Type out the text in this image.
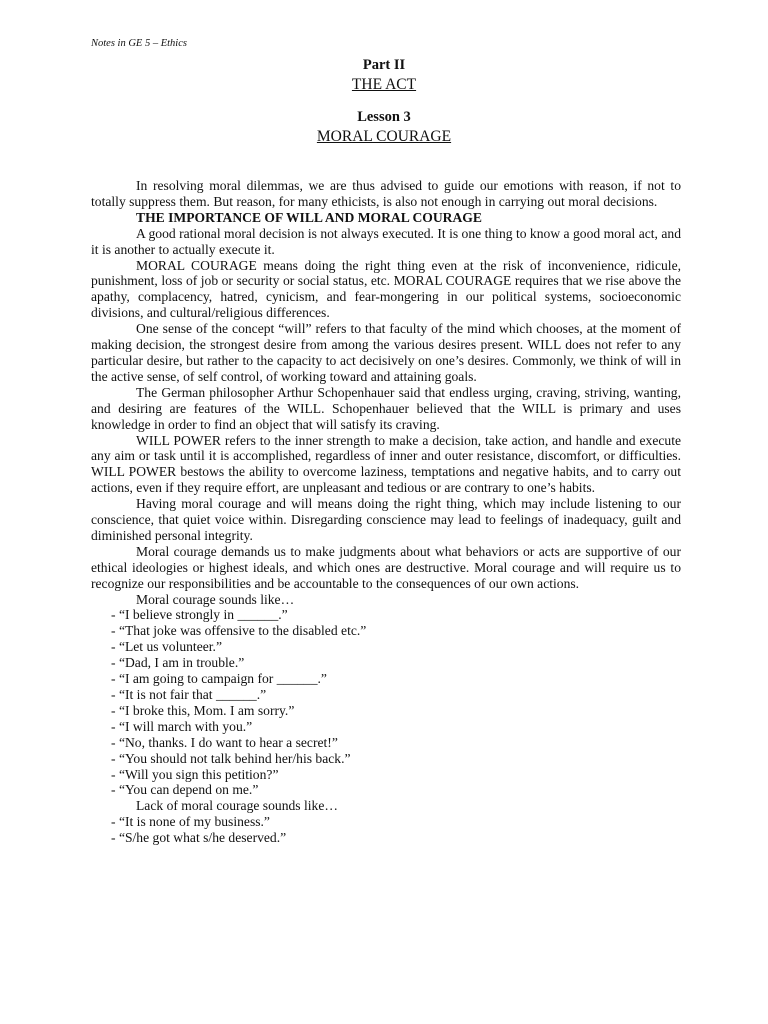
Notes in GE 5 – Ethics
Part II
THE ACT
Lesson 3
MORAL COURAGE

In resolving moral dilemmas, we are thus advised to guide our emotions with reason, if not to totally suppress them. But reason, for many ethicists, is also not enough in carrying out moral decisions.

THE IMPORTANCE OF WILL AND MORAL COURAGE

A good rational moral decision is not always executed. It is one thing to know a good moral act, and it is another to actually execute it.

MORAL COURAGE means doing the right thing even at the risk of inconvenience, ridicule, punishment, loss of job or security or social status, etc. MORAL COURAGE requires that we rise above the apathy, complacency, hatred, cynicism, and fear-mongering in our political systems, socioeconomic divisions, and cultural/religious differences.

One sense of the concept “will” refers to that faculty of the mind which chooses, at the moment of making decision, the strongest desire from among the various desires present. WILL does not refer to any particular desire, but rather to the capacity to act decisively on one’s desires. Commonly, we think of will in the active sense, of self control, of working toward and attaining goals.

The German philosopher Arthur Schopenhauer said that endless urging, craving, striving, wanting, and desiring are features of the WILL. Schopenhauer believed that the WILL is primary and uses knowledge in order to find an object that will satisfy its craving.

WILL POWER refers to the inner strength to make a decision, take action, and handle and execute any aim or task until it is accomplished, regardless of inner and outer resistance, discomfort, or difficulties. WILL POWER bestows the ability to overcome laziness, temptations and negative habits, and to carry out actions, even if they require effort, are unpleasant and tedious or are contrary to one’s habits.

Having moral courage and will means doing the right thing, which may include listening to our conscience, that quiet voice within. Disregarding conscience may lead to feelings of inadequacy, guilt and diminished personal integrity.

Moral courage demands us to make judgments about what behaviors or acts are supportive of our ethical ideologies or highest ideals, and which ones are destructive. Moral courage and will require us to recognize our responsibilities and be accountable to the consequences of our own actions.

Moral courage sounds like…

- “I believe strongly in ______.”
- “That joke was offensive to the disabled etc.”
- “Let us volunteer.”
- “Dad, I am in trouble.”
- “I am going to campaign for ______.”
- “It is not fair that ______.”
- “I broke this, Mom. I am sorry.”
- “I will march with you.”
- “No, thanks. I do want to hear a secret!”
- “You should not talk behind her/his back.”
- “Will you sign this petition?”
- “You can depend on me.”

Lack of moral courage sounds like…

- “It is none of my business.”
- “S/he got what s/he deserved.”
